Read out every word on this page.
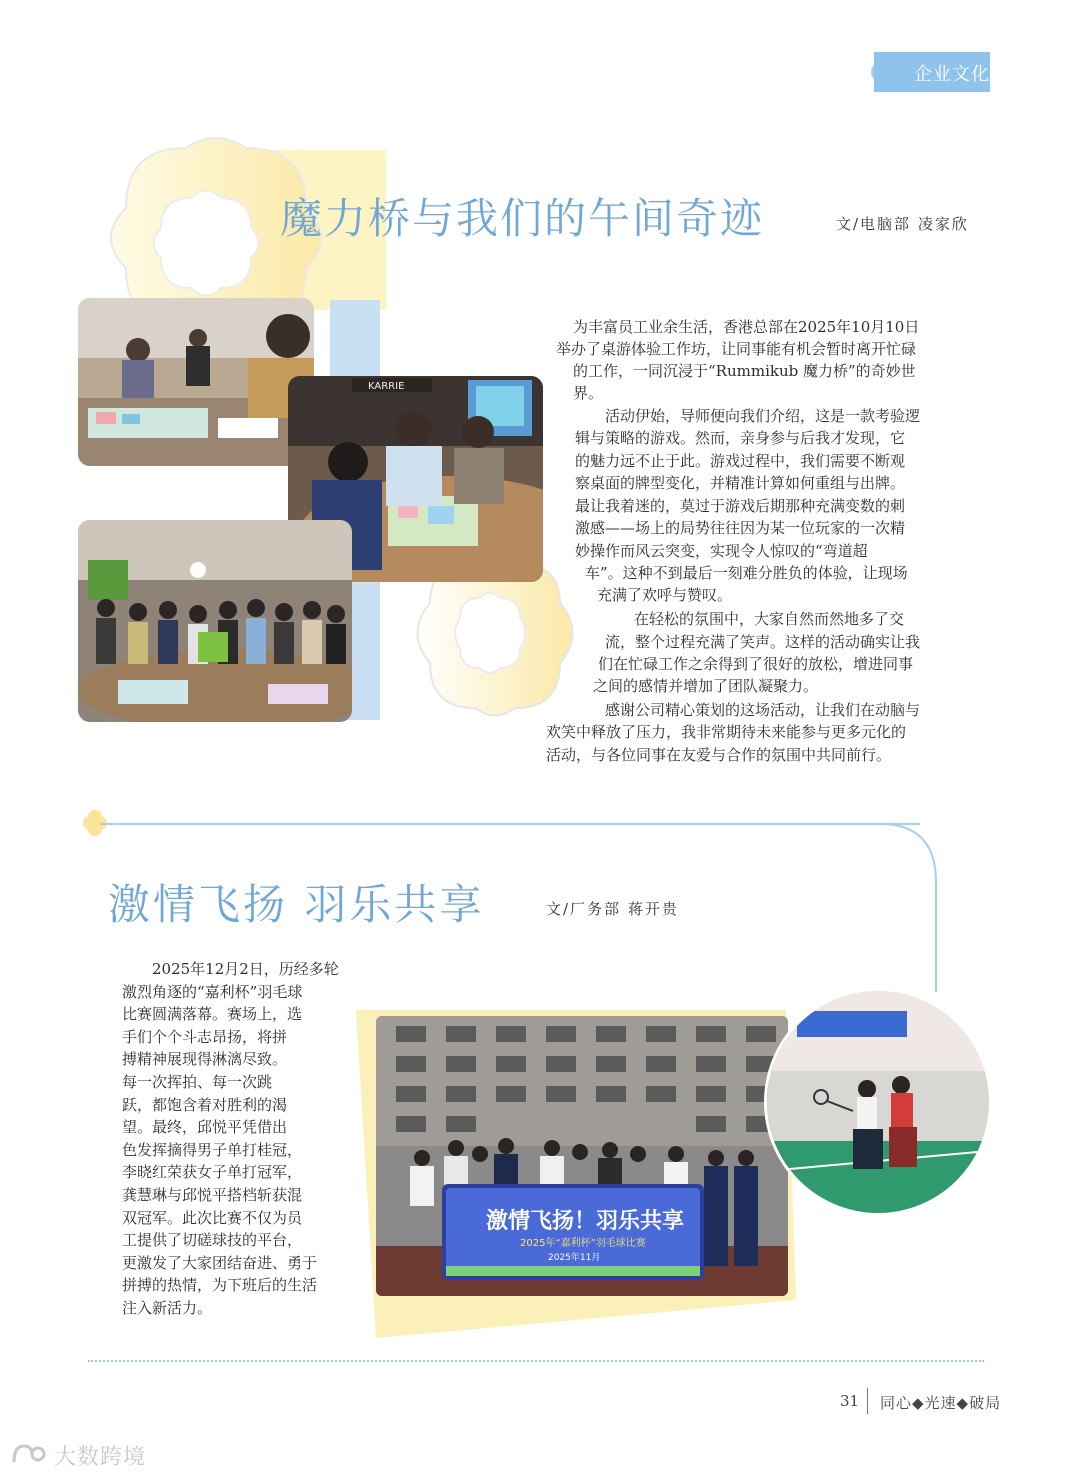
企业文化
魔力桥与我们的午间奇迹	文/电脑部 凌家欣
KARRIE
为丰富员工业余生活，香港总部在2025年10月10日
举办了桌游体验工作坊，让同事能有机会暂时离开忙碌
的工作，一同沉浸于“Rummikub 魔力桥”的奇妙世
界。
活动伊始，导师便向我们介绍，这是一款考验逻
辑与策略的游戏。然而，亲身参与后我才发现，它
的魅力远不止于此。游戏过程中，我们需要不断观
察桌面的牌型变化，并精准计算如何重组与出牌。
最让我着迷的，莫过于游戏后期那种充满变数的刺
激感——场上的局势往往因为某一位玩家的一次精
妙操作而风云突变，实现令人惊叹的“弯道超
车”。这种不到最后一刻难分胜负的体验，让现场
充满了欢呼与赞叹。
在轻松的氛围中，大家自然而然地多了交
流，整个过程充满了笑声。这样的活动确实让我
们在忙碌工作之余得到了很好的放松，增进同事
之间的感情并增加了团队凝聚力。
感谢公司精心策划的这场活动，让我们在动脑与
欢笑中释放了压力，我非常期待未来能参与更多元化的
活动，与各位同事在友爱与合作的氛围中共同前行。
激情飞扬 羽乐共享	文/厂务部 蒋开贵
激情飞扬！羽乐共享
2025年“嘉利杯”羽毛球比赛
2025年11月
2025年12月2日，历经多轮
激烈角逐的“嘉利杯”羽毛球
比赛圆满落幕。赛场上，选
手们个个斗志昂扬，将拼
搏精神展现得淋漓尽致。
每一次挥拍、每一次跳
跃，都饱含着对胜利的渴
望。最终，邱悦平凭借出
色发挥摘得男子单打桂冠，
李晓红荣获女子单打冠军，
龚慧琳与邱悦平搭档斩获混
双冠军。此次比赛不仅为员
工提供了切磋球技的平台，
更激发了大家团结奋进、勇于
拼搏的热情，为下班后的生活
注入新活力。
31 同心◆光速◆破局
大数跨境
